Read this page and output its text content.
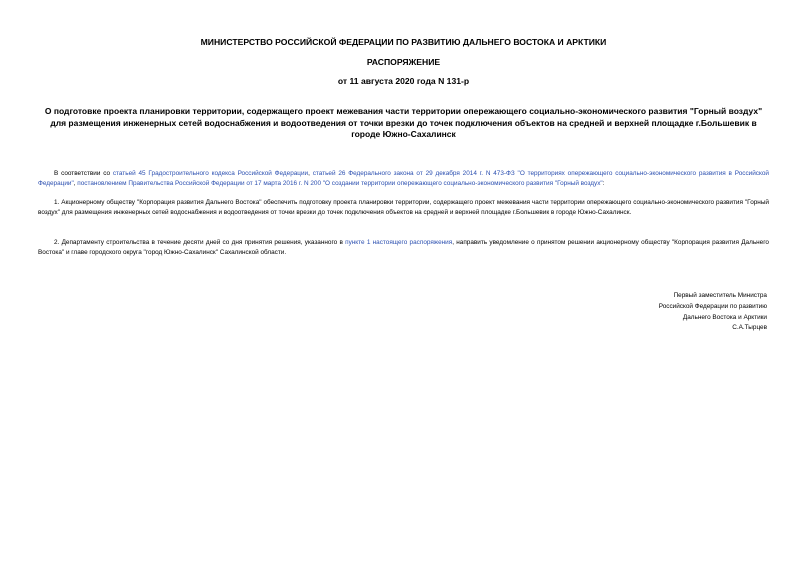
МИНИСТЕРСТВО РОССИЙСКОЙ ФЕДЕРАЦИИ ПО РАЗВИТИЮ ДАЛЬНЕГО ВОСТОКА И АРКТИКИ
РАСПОРЯЖЕНИЕ
от 11 августа 2020 года N 131-р
О подготовке проекта планировки территории, содержащего проект межевания части территории опережающего социально-экономического развития "Горный воздух" для размещения инженерных сетей водоснабжения и водоотведения от точки врезки до точек подключения объектов на средней и верхней площадке г.Большевик в городе Южно-Сахалинск
В соответствии со статьей 45 Градостроительного кодекса Российской Федерации, статьей 26 Федерального закона от 29 декабря 2014 г. N 473-ФЗ "О территориях опережающего социально-экономического развития в Российской Федерации", постановлением Правительства Российской Федерации от 17 марта 2016 г. N 200 "О создании территории опережающего социально-экономического развития "Горный воздух":
1. Акционерному обществу "Корпорация развития Дальнего Востока" обеспечить подготовку проекта планировки территории, содержащего проект межевания части территории опережающего социально-экономического развития "Горный воздух" для размещения инженерных сетей водоснабжения и водоотведения от точки врезки до точек подключения объектов на средней и верхней площадке г.Большевик в городе Южно-Сахалинск.
2. Департаменту строительства в течение десяти дней со дня принятия решения, указанного в пункте 1 настоящего распоряжения, направить уведомление о принятом решении акционерному обществу "Корпорация развития Дальнего Востока" и главе городского округа "город Южно-Сахалинск" Сахалинской области.
Первый заместитель Министра
Российской Федерации по развитию
Дальнего Востока и Арктики
С.А.Тырцев
